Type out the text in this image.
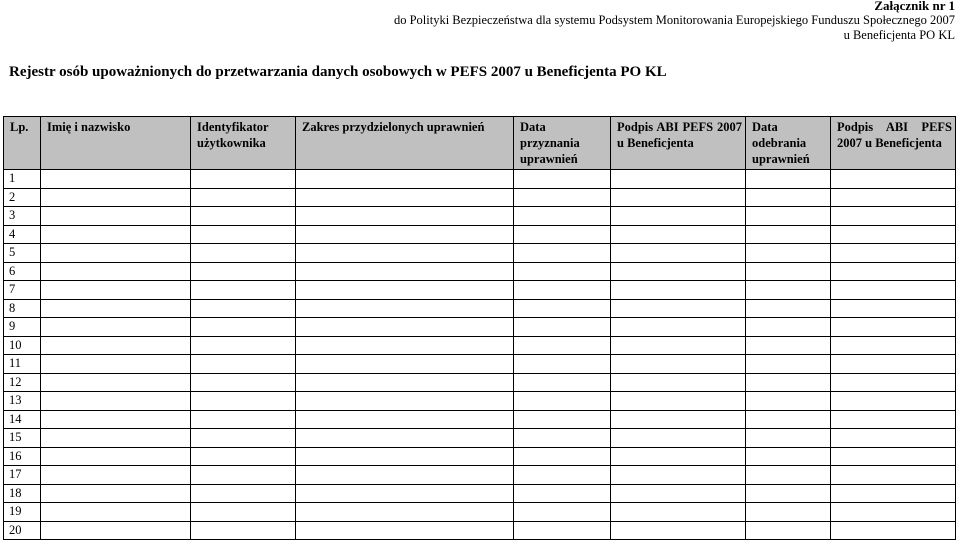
Załącznik nr 1
do Polityki Bezpieczeństwa dla systemu Podsystem Monitorowania Europejskiego Funduszu Społecznego 2007
u Beneficjenta PO KL
Rejestr osób upoważnionych do przetwarzania danych osobowych w PEFS 2007 u Beneficjenta PO KL
Lp.	Imię i nazwisko	Identyfikator użytkownika	Zakres przydzielonych uprawnień	Data przyznania uprawnień	Podpis ABI PEFS 2007 u Beneficjenta	Data odebrania uprawnień	Podpis ABI PEFS 2007 u Beneficjenta
1							
2							
3							
4							
5							
6							
7							
8							
9							
10							
11							
12							
13							
14							
15							
16							
17							
18							
19							
20							
